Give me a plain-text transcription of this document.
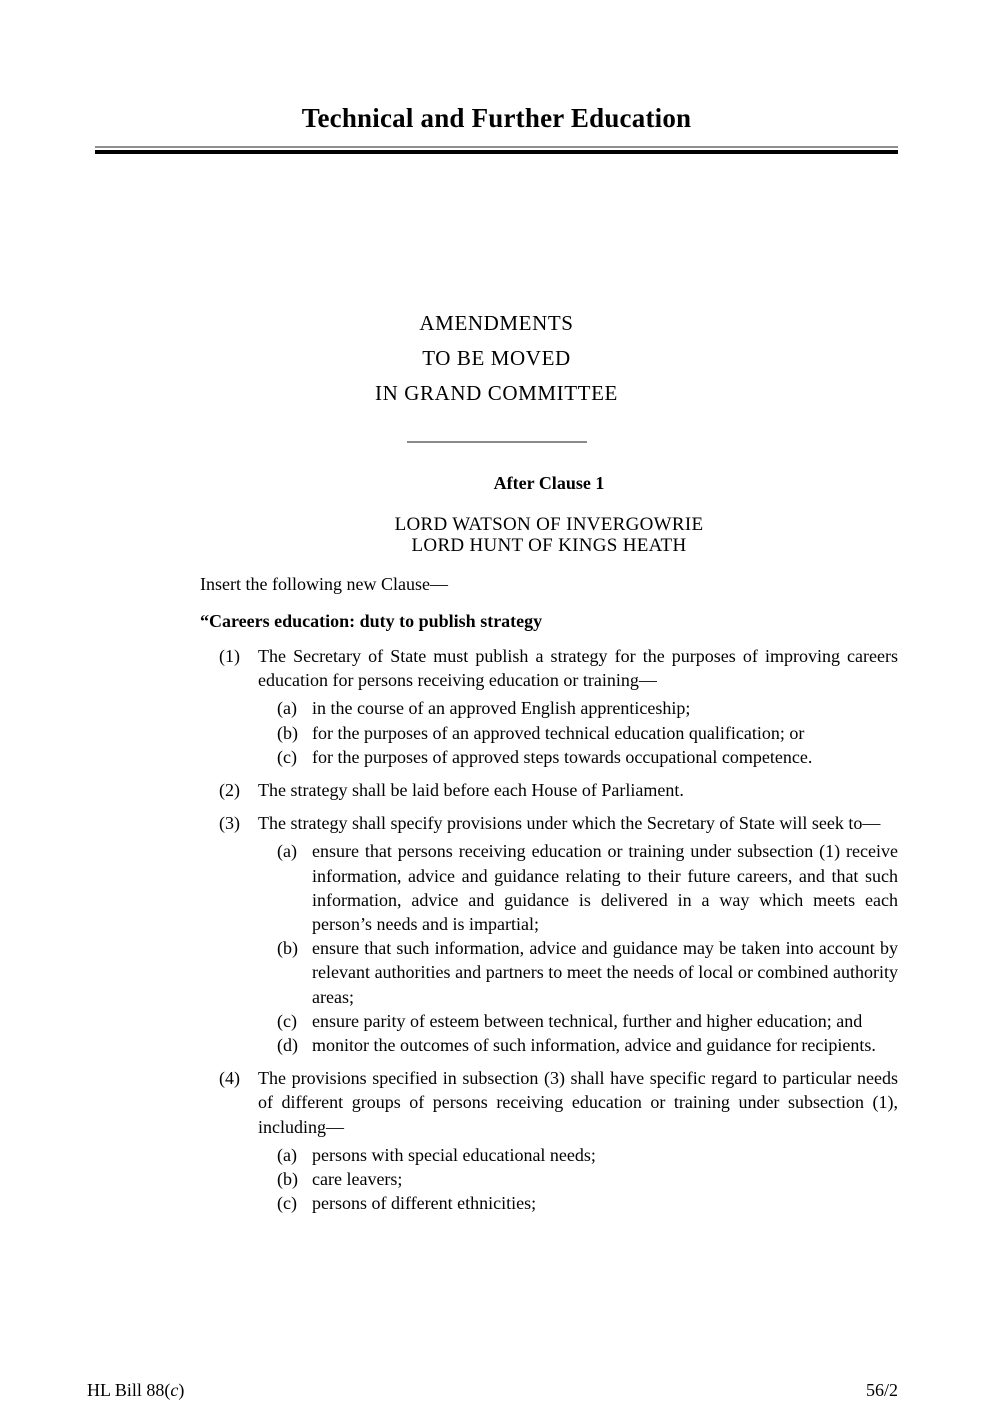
Technical and Further Education
AMENDMENTS
TO BE MOVED
IN GRAND COMMITTEE
After Clause 1
LORD WATSON OF INVERGOWRIE
LORD HUNT OF KINGS HEATH
Insert the following new Clause—
“Careers education: duty to publish strategy
(1)	The Secretary of State must publish a strategy for the purposes of improving careers education for persons receiving education or training—
(a) in the course of an approved English apprenticeship;
(b) for the purposes of an approved technical education qualification; or
(c) for the purposes of approved steps towards occupational competence.
(2)	The strategy shall be laid before each House of Parliament.
(3)	The strategy shall specify provisions under which the Secretary of State will seek to—
(a) ensure that persons receiving education or training under subsection (1) receive information, advice and guidance relating to their future careers, and that such information, advice and guidance is delivered in a way which meets each person’s needs and is impartial;
(b) ensure that such information, advice and guidance may be taken into account by relevant authorities and partners to meet the needs of local or combined authority areas;
(c) ensure parity of esteem between technical, further and higher education; and
(d) monitor the outcomes of such information, advice and guidance for recipients.
(4)	The provisions specified in subsection (3) shall have specific regard to particular needs of different groups of persons receiving education or training under subsection (1), including—
(a) persons with special educational needs;
(b) care leavers;
(c) persons of different ethnicities;
HL Bill 88(c)	56/2
